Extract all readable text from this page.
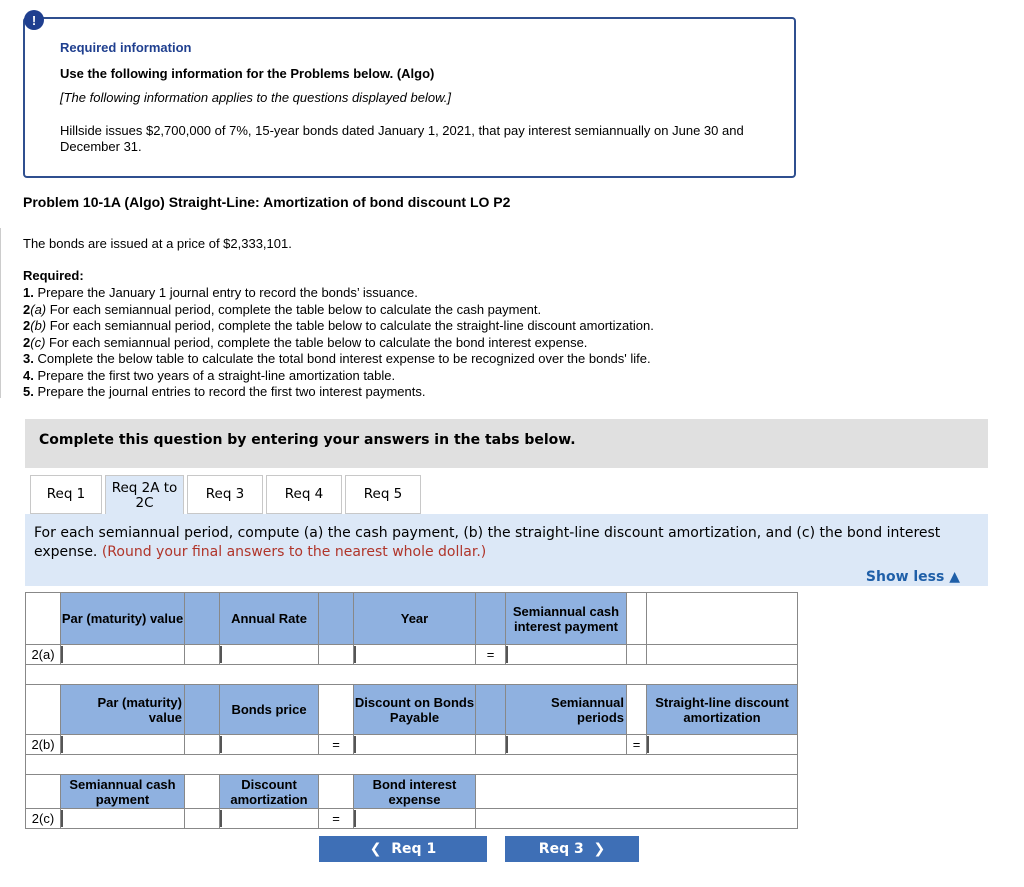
!
Required information
Use the following information for the Problems below. (Algo)
[The following information applies to the questions displayed below.]
Hillside issues $2,700,000 of 7%, 15-year bonds dated January 1, 2021, that pay interest semiannually on June 30 and December 31.
Problem 10-1A (Algo) Straight-Line: Amortization of bond discount LO P2
The bonds are issued at a price of $2,333,101.
Required:
1. Prepare the January 1 journal entry to record the bonds’ issuance.
2(a) For each semiannual period, complete the table below to calculate the cash payment.
2(b) For each semiannual period, complete the table below to calculate the straight-line discount amortization.
2(c) For each semiannual period, complete the table below to calculate the bond interest expense.
3. Complete the below table to calculate the total bond interest expense to be recognized over the bonds' life.
4. Prepare the first two years of a straight-line amortization table.
5. Prepare the journal entries to record the first two interest payments.
Complete this question by entering your answers in the tabs below.
Req 1	Req 2A to 2C
Req 3	Req 4	Req 5
For each semiannual period, compute (a) the cash payment, (b) the straight-line discount amortization, and (c) the bond interest expense. (Round your final answers to the nearest whole dollar.)
Show less ▲
	Par (maturity) value		Annual Rate		Year		Semiannual cash interest payment		
2(a)						=			

	Par (maturity) value		Bonds price		Discount on Bonds Payable		Semiannual periods		Straight-line discount amortization
2(b)				=				=	

	Semiannual cash payment		Discount amortization		Bond interest expense				
2(c)				=		
❮
Req 1	Req 3
❯
